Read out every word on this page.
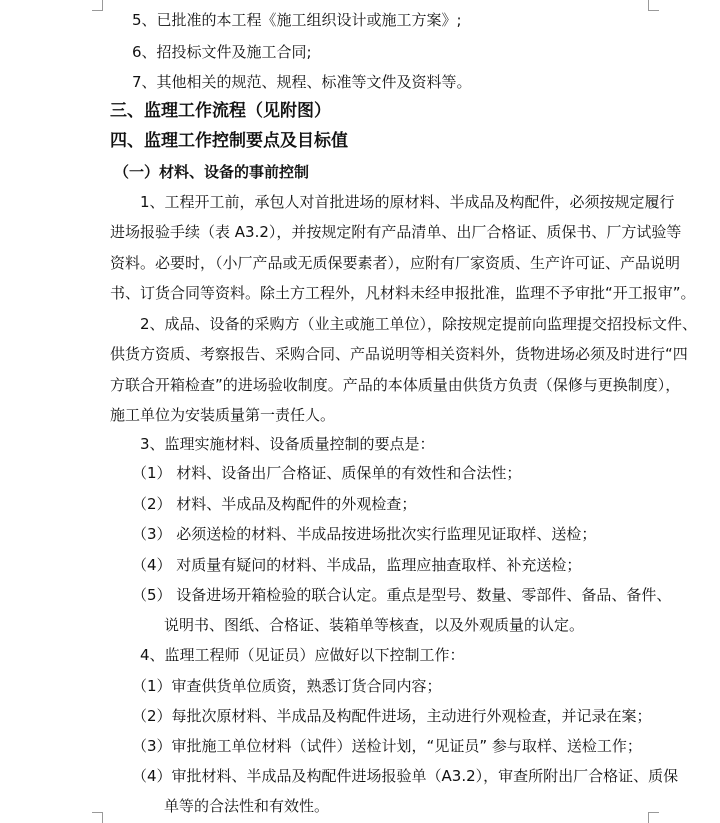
5、已批准的本工程《施工组织设计或施工方案》;
6、招投标文件及施工合同;
7、其他相关的规范、规程、标准等文件及资料等。
三、监理工作流程（见附图）
四、监理工作控制要点及目标值
（一）材料、设备的事前控制
1、工程开工前，承包人对首批进场的原材料、半成品及构配件，必须按规定履行
进场报验手续（表 A3.2），并按规定附有产品清单、出厂合格证、质保书、厂方试验等
资料。必要时，（小厂产品或无质保要素者），应附有厂家资质、生产许可证、产品说明
书、订货合同等资料。除土方工程外，凡材料未经申报批准，监理不予审批“开工报审”。
2、成品、设备的采购方（业主或施工单位），除按规定提前向监理提交招投标文件、
供货方资质、考察报告、采购合同、产品说明等相关资料外，货物进场必须及时进行“四
方联合开箱检查”的进场验收制度。产品的本体质量由供货方负责（保修与更换制度），
施工单位为安装质量第一责任人。
3、监理实施材料、设备质量控制的要点是：
（1） 材料、设备出厂合格证、质保单的有效性和合法性；
（2） 材料、半成品及构配件的外观检查；
（3） 必须送检的材料、半成品按进场批次实行监理见证取样、送检；
（4） 对质量有疑问的材料、半成品，监理应抽查取样、补充送检；
（5） 设备进场开箱检验的联合认定。重点是型号、数量、零部件、备品、备件、
说明书、图纸、合格证、装箱单等核查，以及外观质量的认定。
4、监理工程师（见证员）应做好以下控制工作：
（1）审查供货单位质资，熟悉订货合同内容；
（2）每批次原材料、半成品及构配件进场，主动进行外观检查，并记录在案；
（3）审批施工单位材料（试件）送检计划，“见证员” 参与取样、送检工作；
（4）审批材料、半成品及构配件进场报验单（A3.2），审查所附出厂合格证、质保
单等的合法性和有效性。
